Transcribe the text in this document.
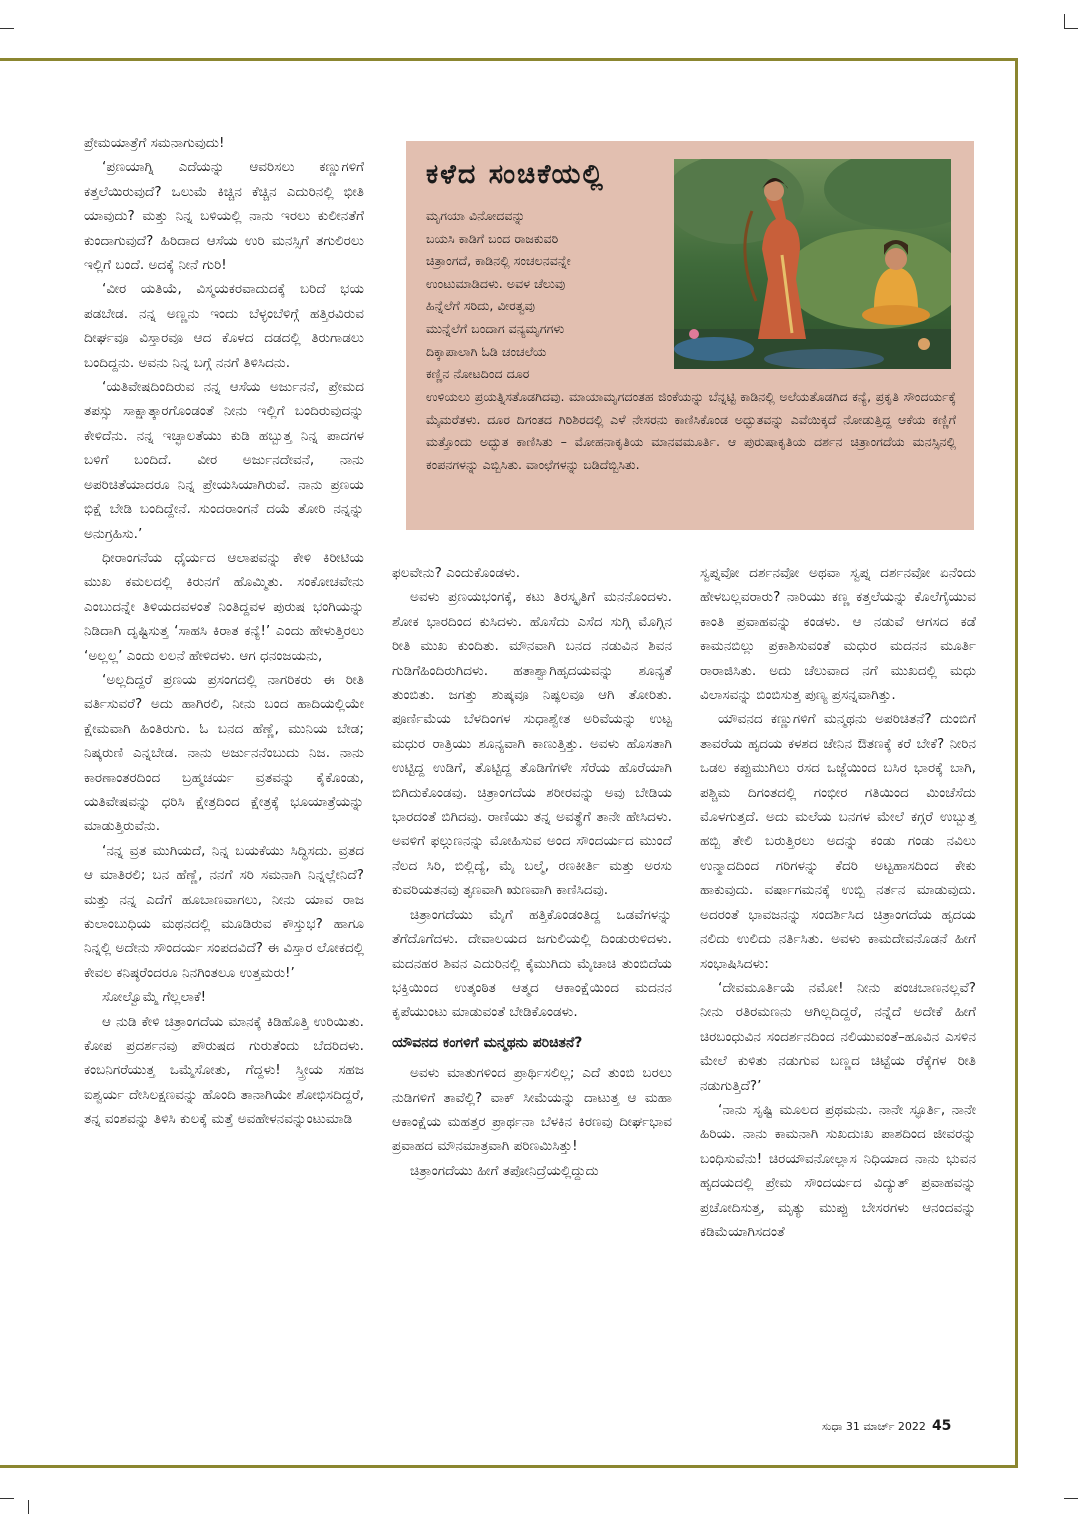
ಪ್ರೇಮಯಾತ್ರೆಗೆ ಸಮನಾಗುವುದು!

‘ಪ್ರಣಯಾಗ್ನಿ ಎದೆಯನ್ನು ಆವರಿಸಲು ಕಣ್ಣುಗಳಿಗೆ ಕತ್ತಲೆಯಿರುವುದೆ? ಒಲುಮೆ ಕಿಚ್ಚಿನ ಕೆಚ್ಚಿನ ಎದುರಿನಲ್ಲಿ ಭೀತಿ ಯಾವುದು? ಮತ್ತು ನಿನ್ನ ಬಳಿಯಲ್ಲಿ ನಾನು ಇರಲು ಕುಲೀನತೆಗೆ ಕುಂದಾಗುವುದೆ? ಹಿರಿದಾದ ಆಸೆಯ ಉರಿ ಮನಸ್ಸಿಗೆ ತಗುಲಿರಲು ಇಲ್ಲಿಗೆ ಬಂದೆ. ಅದಕ್ಕೆ ನೀನೆ ಗುರಿ!

‘ವೀರ ಯತಿಯೆ, ವಿಸ್ಮಯಕರವಾದುದಕ್ಕೆ ಬರಿದೆ ಭಯ ಪಡಬೇಡ. ನನ್ನ ಅಣ್ಣನು ಇಂದು ಬೆಳ್ಳಂಬೆಳಿಗ್ಗೆ ಹತ್ತಿರವಿರುವ ದೀರ್ಘವೂ ವಿಸ್ತಾರವೂ ಆದ ಕೊಳದ ದಡದಲ್ಲಿ ತಿರುಗಾಡಲು ಬಂದಿದ್ದನು. ಅವನು ನಿನ್ನ ಬಗ್ಗೆ ನನಗೆ ತಿಳಿಸಿದನು.

‘ಯತಿವೇಷದಿಂದಿರುವ ನನ್ನ ಆಸೆಯ ಅರ್ಜುನನೆ, ಪ್ರೇಮದ ತಪಸ್ಸು ಸಾಕ್ಷಾತ್ಕಾರಗೊಂಡಂತೆ ನೀನು ಇಲ್ಲಿಗೆ ಬಂದಿರುವುದನ್ನು ಕೇಳಿದೆನು. ನನ್ನ ಇಚ್ಛಾಲತೆಯು ಕುಡಿ ಹಬ್ಬುತ್ತ ನಿನ್ನ ಪಾದಗಳ ಬಳಿಗೆ ಬಂದಿದೆ. ವೀರ ಅರ್ಜುನದೇವನೆ, ನಾನು ಅಪರಿಚಿತೆಯಾದರೂ ನಿನ್ನ ಪ್ರೇಯಸಿಯಾಗಿರುವೆ. ನಾನು ಪ್ರಣಯ ಭಿಕ್ಷೆ ಬೇಡಿ ಬಂದಿದ್ದೇನೆ. ಸುಂದರಾಂಗನೆ ದಯೆ ತೋರಿ ನನ್ನನ್ನು ಅನುಗ್ರಹಿಸು.’

ಧೀರಾಂಗನೆಯ ಧೈರ್ಯದ ಆಲಾಪವನ್ನು ಕೇಳಿ ಕಿರೀಟಿಯ ಮುಖ ಕಮಲದಲ್ಲಿ ಕಿರುನಗೆ ಹೊಮ್ಮಿತು. ಸಂಕೋಚವೇನು ಎಂಬುದನ್ನೇ ತಿಳಿಯದವಳಂತೆ ನಿಂತಿದ್ದವಳ ಪುರುಷ ಭಂಗಿಯನ್ನು ನಿಡಿದಾಗಿ ದೃಷ್ಟಿಸುತ್ತ ‘ಸಾಹಸಿ ಕಿರಾತ ಕನ್ಯೆ!’ ಎಂದು ಹೇಳುತ್ತಿರಲು ‘ಅಲ್ಲಲ್ಲ’ ಎಂದು ಲಲನೆ ಹೇಳಿದಳು. ಆಗ ಧನಂಜಯನು,

‘ಅಲ್ಲದಿದ್ದರೆ ಪ್ರಣಯ ಪ್ರಸಂಗದಲ್ಲಿ ನಾಗರಿಕರು ಈ ರೀತಿ ವರ್ತಿಸುವರೆ? ಅದು ಹಾಗಿರಲಿ, ನೀನು ಬಂದ ಹಾದಿಯಲ್ಲಿಯೇ ಕ್ಷೇಮವಾಗಿ ಹಿಂತಿರುಗು. ಓ ಬನದ ಹೆಣ್ಣೆ, ಮುನಿಯ ಬೇಡ; ನಿಷ್ಕರುಣಿ ಎನ್ನಬೇಡ. ನಾನು ಅರ್ಜುನನೆಂಬುದು ನಿಜ. ನಾನು ಕಾರಣಾಂತರದಿಂದ ಬ್ರಹ್ಮಚರ್ಯ ವ್ರತವನ್ನು ಕೈಕೊಂಡು, ಯತಿವೇಷವನ್ನು ಧರಿಸಿ ಕ್ಷೇತ್ರದಿಂದ ಕ್ಷೇತ್ರಕ್ಕೆ ಭೂಯಾತ್ರೆಯನ್ನು ಮಾಡುತ್ತಿರುವೆನು.

‘ನನ್ನ ವ್ರತ ಮುಗಿಯದೆ, ನಿನ್ನ ಬಯಕೆಯು ಸಿದ್ಧಿಸದು. ವ್ರತದ ಆ ಮಾತಿರಲಿ; ಬನ ಹೆಣ್ಣೆ, ನನಗೆ ಸರಿ ಸಮನಾಗಿ ನಿನ್ನಲ್ಲೇನಿದೆ? ಮತ್ತು ನನ್ನ ಎದೆಗೆ ಹೂಬಾಣವಾಗಲು, ನೀನು ಯಾವ ರಾಜ ಕುಲಾಂಬುಧಿಯ ಮಥನದಲ್ಲಿ ಮೂಡಿರುವ ಕೌಸ್ತುಭ? ಹಾಗೂ ನಿನ್ನಲ್ಲಿ ಅದೇನು ಸೌಂದರ್ಯ ಸಂಪದವಿದೆ? ಈ ವಿಸ್ತಾರ ಲೋಕದಲ್ಲಿ ಕೇವಲ ಕನಿಷ್ಠರೆಂದರೂ ನಿನಗಿಂತಲೂ ಉತ್ತಮರು!’

ಸೋಲ್ವೊಮ್ಮೆ ಗೆಲ್ಲಲಾಕೆ!

ಆ ನುಡಿ ಕೇಳಿ ಚಿತ್ರಾಂಗದೆಯ ಮಾನಕ್ಕೆ ಕಿಡಿಹೊತ್ತಿ ಉರಿಯಿತು. ಕೋಪ ಪ್ರದರ್ಶನವು ಪೌರುಷದ ಗುರುತೆಂದು ಬೆದರಿದಳು. ಕಂಬನಿಗರೆಯುತ್ತ ಒಮ್ಮೆಸೋತು, ಗೆದ್ದಳು! ಸ್ತ್ರೀಯ ಸಹಜ ಐಶ್ವರ್ಯ ದೇಸಿಲಕ್ಷಣವನ್ನು ಹೊಂದಿ ತಾನಾಗಿಯೇ ಶೋಭಿಸದಿದ್ದರೆ, ತನ್ನ ವಂಶವನ್ನು ತಿಳಿಸಿ ಕುಲಕ್ಕೆ ಮತ್ತೆ ಅವಹೇಳನವನ್ನುಂಟುಮಾಡಿ

ಕಳೆದ ಸಂಚಿಕೆಯಲ್ಲಿ
ಮೃಗಯಾ ವಿನೋದವನ್ನು
ಬಯಸಿ ಕಾಡಿಗೆ ಬಂದ ರಾಜಕುವರಿ
ಚಿತ್ರಾಂಗದೆ, ಕಾಡಿನಲ್ಲಿ ಸಂಚಲನವನ್ನೇ
ಉಂಟುಮಾಡಿದಳು. ಅವಳ ಚೆಲುವು
ಹಿನ್ನೆಲೆಗೆ ಸರಿದು, ವೀರತ್ವವು
ಮುನ್ನೆಲೆಗೆ ಬಂದಾಗ ವನ್ಯಮೃಗಗಳು
ದಿಕ್ಕಾಪಾಲಾಗಿ ಓಡಿ ಚಂಚಲೆಯ
ಕಣ್ಣಿನ ನೋಟದಿಂದ ದೂರ
ಉಳಿಯಲು ಪ್ರಯತ್ನಿಸತೊಡಗಿದವು. ಮಾಯಾಮೃಗದಂತಹ ಜಿಂಕೆಯನ್ನು ಬೆನ್ನಟ್ಟಿ ಕಾಡಿನಲ್ಲಿ ಅಲೆಯತೊಡಗಿದ ಕನ್ಯೆ, ಪ್ರಕೃತಿ ಸೌಂದರ್ಯಕ್ಕೆ ಮೈಮರೆತಳು. ದೂರ ದಿಗಂತದ ಗಿರಿಶಿರದಲ್ಲಿ ಎಳೆ ನೇಸರನು ಕಾಣಿಸಿಕೊಂಡ ಅದ್ಭುತವನ್ನು ಎವೆಯಿಕ್ಕದೆ ನೋಡುತ್ತಿದ್ದ ಆಕೆಯ ಕಣ್ಣಿಗೆ ಮತ್ತೊಂದು ಅದ್ಭುತ ಕಾಣಿಸಿತು – ಮೋಹನಾಕೃತಿಯ ಮಾನವಮೂರ್ತಿ. ಆ ಪುರುಷಾಕೃತಿಯ ದರ್ಶನ ಚಿತ್ರಾಂಗದೆಯ ಮನಸ್ಸಿನಲ್ಲಿ ಕಂಪನಗಳನ್ನು ಎಬ್ಬಿಸಿತು. ವಾಂಛೆಗಳನ್ನು ಬಡಿದೆಬ್ಬಿಸಿತು.

ಫಲವೇನು? ಎಂದುಕೊಂಡಳು.

ಅವಳು ಪ್ರಣಯಭಂಗಕ್ಕೆ, ಕಟು ತಿರಸ್ಕೃತಿಗೆ ಮನನೊಂದಳು. ಶೋಕ ಭಾರದಿಂದ ಕುಸಿದಳು. ಹೊಸೆದು ಎಸೆದ ಸುಗ್ಗಿ ಮೊಗ್ಗಿನ ರೀತಿ ಮುಖ ಕುಂದಿತು. ಮೌನವಾಗಿ ಬನದ ನಡುವಿನ ಶಿವನ ಗುಡಿಗೆಹಿಂದಿರುಗಿದಳು. ಹತಾಶ್ವಾಗಿಹೃದಯವನ್ನು ಶೂನ್ಯತೆ ತುಂಬಿತು. ಜಗತ್ತು ಶುಷ್ಕವೂ ನಿಷ್ಫಲವೂ ಆಗಿ ತೋರಿತು. ಪೂರ್ಣಿಮೆಯ ಬೆಳದಿಂಗಳ ಸುಧಾಶ್ವೇತ ಅರಿವೆಯನ್ನು ಉಟ್ಟ ಮಧುರ ರಾತ್ರಿಯು ಶೂನ್ಯವಾಗಿ ಕಾಣುತ್ತಿತ್ತು. ಅವಳು ಹೊಸತಾಗಿ ಉಟ್ಟಿದ್ದ ಉಡಿಗೆ, ತೊಟ್ಟಿದ್ದ ತೊಡಿಗೆಗಳೇ ಸೆರೆಯ ಹೊರೆಯಾಗಿ ಬಿಗಿದುಕೊಂಡವು. ಚಿತ್ರಾಂಗದೆಯ ಶರೀರವನ್ನು ಅವು ಬೇಡಿಯ ಭಾರದಂತೆ ಬಿಗಿದವು. ರಾಣಿಯು ತನ್ನ ಅವತ್ಥೆಗೆ ತಾನೇ ಹೇಸಿದಳು. ಅವಳಿಗೆ ಫಲ್ಗುಣನನ್ನು ಮೋಹಿಸುವ ಅಂದ ಸೌಂದರ್ಯದ ಮುಂದೆ ನೆಲದ ಸಿರಿ, ಬಿಲ್ಲಿದ್ಯೆ, ಮೈ ಬಲ್ಮೆ, ರಣಕೀರ್ತಿ ಮತ್ತು ಅರಸು ಕುವರಿಯತನವು ತೃಣವಾಗಿ ಋಣವಾಗಿ ಕಾಣಿಸಿದವು.

ಚಿತ್ರಾಂಗದೆಯು ಮೈಗೆ ಹತ್ತಿಕೊಂಡಂತಿದ್ದ ಒಡವೆಗಳನ್ನು ತೆಗೆದೊಗೆದಳು. ದೇವಾಲಯದ ಜಗುಲಿಯಲ್ಲಿ ದಿಂಡುರುಳಿದಳು. ಮದನಹರ ಶಿವನ ಎದುರಿನಲ್ಲಿ ಕೈಮುಗಿದು ಮೈಚಾಚಿ ತುಂಬಿದೆಯ ಭಕ್ತಿಯಿಂದ ಉತ್ಕಂಠಿತ ಆತ್ಮದ ಆಕಾಂಕ್ಷೆಯಿಂದ ಮದನನ ಕೃಪೆಯುಂಟು ಮಾಡುವಂತೆ ಬೇಡಿಕೊಂಡಳು.

ಯೌವನದ ಕಂಗಳಿಗೆ ಮನ್ಮಥನು ಪರಿಚಿತನೆ?

ಅವಳು ಮಾತುಗಳಿಂದ ಪ್ರಾರ್ಥಿಸಲಿಲ್ಲ; ಎದೆ ತುಂಬಿ ಬರಲು ನುಡಿಗಳಿಗೆ ತಾವೆಲ್ಲಿ? ವಾಕ್ ಸೀಮೆಯನ್ನು ದಾಟುತ್ತ ಆ ಮಹಾ ಆಕಾಂಕ್ಷೆಯ ಮಹತ್ತರ ಪ್ರಾರ್ಥನಾ ಬೆಳಕಿನ ಕಿರಣವು ದೀರ್ಘಭಾವ ಪ್ರವಾಹದ ಮೌನಮಾತ್ರವಾಗಿ ಪರಿಣಮಿಸಿತ್ತು!

ಚಿತ್ರಾಂಗದೆಯು ಹೀಗೆ ತಪೋನಿದ್ರೆಯಲ್ಲಿದ್ದುದು

ಸ್ವಪ್ನವೋ ದರ್ಶನವೋ ಅಥವಾ ಸ್ವಪ್ನ ದರ್ಶನವೋ ಏನೆಂದು ಹೇಳಬಲ್ಲವರಾರು? ನಾರಿಯು ಕಣ್ಣ ಕತ್ತಲೆಯನ್ನು ಕೊಲೆಗೈಯುವ ಕಾಂತಿ ಪ್ರವಾಹವನ್ನು ಕಂಡಳು. ಆ ನಡುವೆ ಆಗಸದ ಕಡೆ ಕಾಮನಬಿಲ್ಲು ಪ್ರಕಾಶಿಸುವಂತೆ ಮಧುರ ಮದನನ ಮೂರ್ತಿ ರಾರಾಜಿಸಿತು. ಅದು ಚೆಲುವಾದ ನಗೆ ಮುಖದಲ್ಲಿ ಮಧು ವಿಲಾಸವನ್ನು ಬಿಂಬಿಸುತ್ತ ಪುಣ್ಯ ಪ್ರಸನ್ನವಾಗಿತ್ತು.

ಯೌವನದ ಕಣ್ಣುಗಳಿಗೆ ಮನ್ಮಥನು ಅಪರಿಚಿತನೆ? ದುಂಬಿಗೆ ತಾವರೆಯ ಹೃದಯ ಕಳಶದ ಜೇನಿನ ಔತಣಕ್ಕೆ ಕರೆ ಬೇಕೆ? ನೀರಿನ ಒಡಲ ಕಪ್ಪುಮುಗಿಲು ರಸದ ಒಜ್ಜೆಯಿಂದ ಬಸಿರ ಭಾರಕ್ಕೆ ಬಾಗಿ, ಪಶ್ಚಿಮ ದಿಗಂತದಲ್ಲಿ ಗಂಭೀರ ಗತಿಯಿಂದ ಮಿಂಚೆಸೆದು ಮೊಳಗುತ್ತದೆ. ಅದು ಮಲೆಯ ಬನಗಳ ಮೇಲೆ ಕಗ್ಗರೆ ಉಬ್ಬುತ್ತ ಹಬ್ಬಿ ತೇಲಿ ಬರುತ್ತಿರಲು ಅದನ್ನು ಕಂಡು ಗಂಡು ನವಿಲು ಉನ್ಮಾದದಿಂದ ಗರಿಗಳನ್ನು ಕೆದರಿ ಅಟ್ಟಹಾಸದಿಂದ ಕೇಕು ಹಾಕುವುದು. ವರ್ಷಾಗಮನಕ್ಕೆ ಉಬ್ಬಿ ನರ್ತನ ಮಾಡುವುದು. ಅದರಂತೆ ಭಾವಜನನ್ನು ಸಂದರ್ಶಿಸಿದ ಚಿತ್ರಾಂಗದೆಯ ಹೃದಯ ನಲಿದು ಉಲಿದು ನರ್ತಿಸಿತು. ಅವಳು ಕಾಮದೇವನೊಡನೆ ಹೀಗೆ ಸಂಭಾಷಿಸಿದಳು:

‘ದೇವಮೂರ್ತಿಯೆ ನಮೋ! ನೀನು ಪಂಚಬಾಣನಲ್ಲವೆ? ನೀನು ರತಿರಮಣನು ಆಗಿಲ್ಲದಿದ್ದರೆ, ನನ್ನೆದೆ ಅದೇಕೆ ಹೀಗೆ ಚಿರಬಂಧುವಿನ ಸಂದರ್ಶನದಿಂದ ನಲಿಯುವಂತೆ–ಹೂವಿನ ಎಸಳಿನ ಮೇಲೆ ಕುಳಿತು ನಡುಗುವ ಬಣ್ಣದ ಚಿಟ್ಟೆಯ ರೆಕ್ಕೆಗಳ ರೀತಿ ನಡುಗುತ್ತಿದೆ?’

‘ನಾನು ಸೃಷ್ಟಿ ಮೂಲದ ಪ್ರಥಮನು. ನಾನೇ ಸ್ಫೂರ್ತಿ, ನಾನೇ ಹಿರಿಯ. ನಾನು ಕಾಮನಾಗಿ ಸುಖದುಃಖ ಪಾಶದಿಂದ ಜೀವರನ್ನು ಬಂಧಿಸುವೆನು! ಚಿರಯೌವನೋಲ್ಲಾಸ ನಿಧಿಯಾದ ನಾನು ಭುವನ ಹೃದಯದಲ್ಲಿ ಪ್ರೇಮ ಸೌಂದರ್ಯದ ವಿದ್ಯುತ್ ಪ್ರವಾಹವನ್ನು ಪ್ರಚೋದಿಸುತ್ತ, ಮೃತ್ಯು ಮುಪ್ಪು ಬೇಸರಗಳು ಆನಂದವನ್ನು ಕಡಿಮೆಯಾಗಿಸದಂತೆ

ಸುಧಾ 31 ಮಾರ್ಚ್ 2022 45
